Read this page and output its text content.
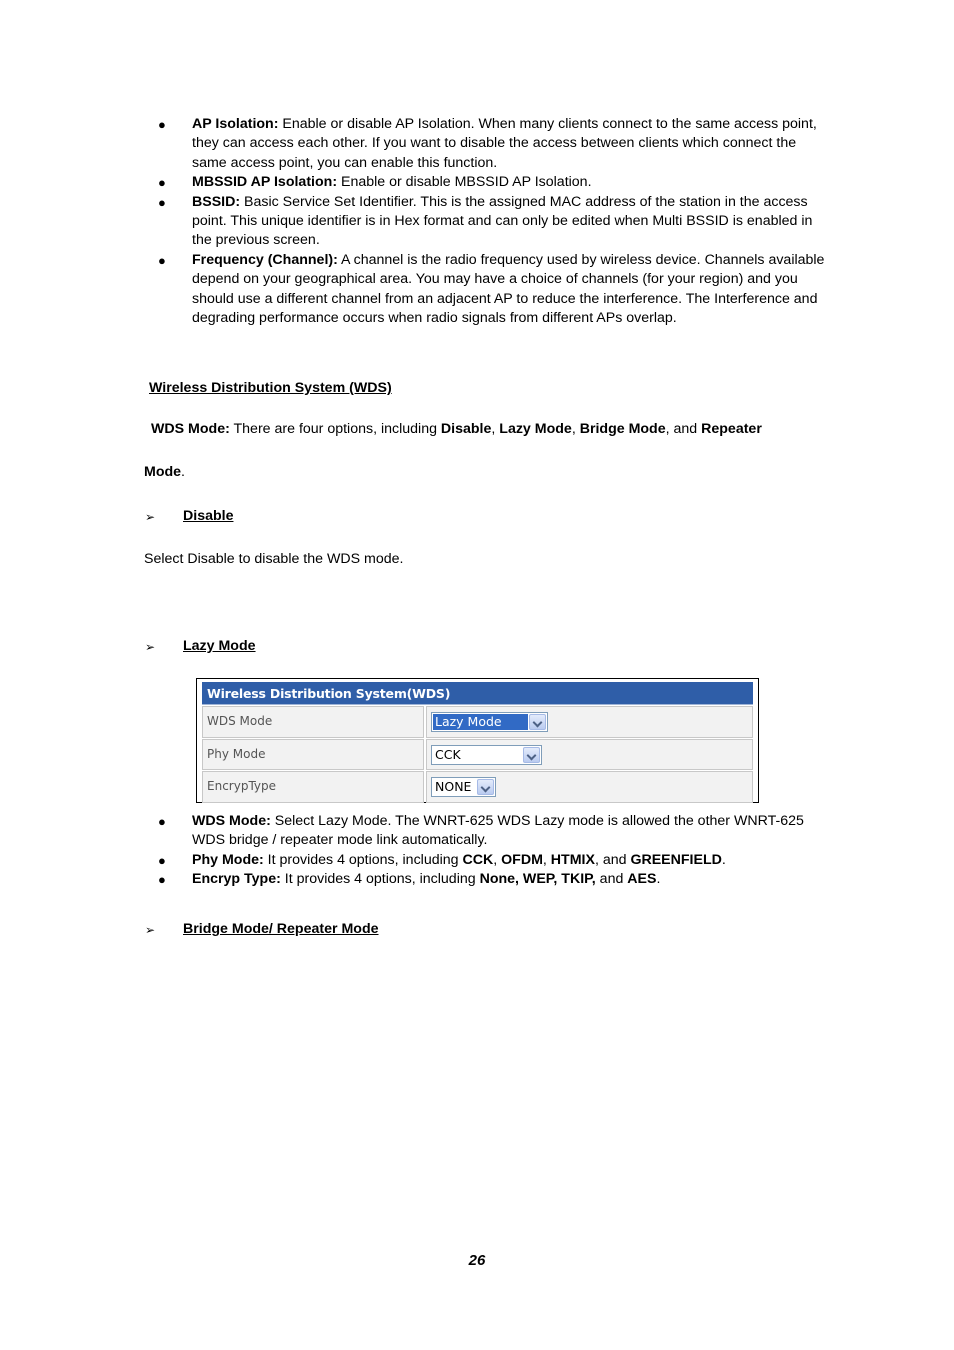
● AP Isolation: Enable or disable AP Isolation. When many clients connect to the same access point, they can access each other. If you want to disable the access between clients which connect the same access point, you can enable this function.
● MBSSID AP Isolation: Enable or disable MBSSID AP Isolation.
● BSSID: Basic Service Set Identifier. This is the assigned MAC address of the station in the access point. This unique identifier is in Hex format and can only be edited when Multi BSSID is enabled in the previous screen.
● Frequency (Channel): A channel is the radio frequency used by wireless device. Channels available depend on your geographical area. You may have a choice of channels (for your region) and you should use a different channel from an adjacent AP to reduce the interference. The Interference and degrading performance occurs when radio signals from different APs overlap.
Wireless Distribution System (WDS)
WDS Mode: There are four options, including Disable, Lazy Mode, Bridge Mode, and Repeater
Mode.
➢ Disable
Select Disable to disable the WDS mode.
➢ Lazy Mode
Wireless Distribution System(WDS)
WDS Mode	Lazy Mode
Phy Mode	CCK
EncrypType	NONE
● WDS Mode: Select Lazy Mode. The WNRT-625 WDS Lazy mode is allowed the other WNRT-625 WDS bridge / repeater mode link automatically.
● Phy Mode: It provides 4 options, including CCK, OFDM, HTMIX, and GREENFIELD.
● Encryp Type: It provides 4 options, including None, WEP, TKIP, and AES.
➢ Bridge Mode/ Repeater Mode
26
